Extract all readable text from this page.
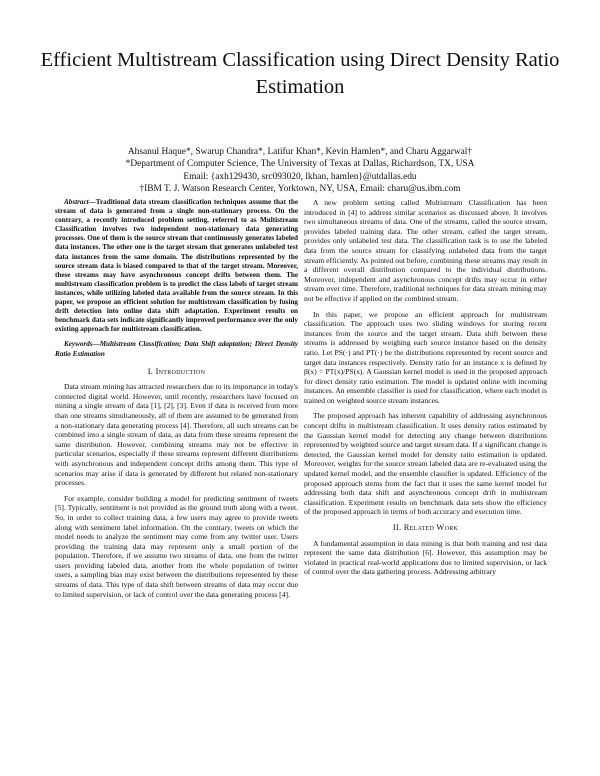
Efficient Multistream Classification using Direct Density Ratio Estimation
Ahsanul Haque*, Swarup Chandra*, Latifur Khan*, Kevin Hamlen*, and Charu Aggarwal†
*Department of Computer Science, The University of Texas at Dallas, Richardson, TX, USA
Email: {axh129430, src093020, lkhan, hamlen}@utdallas.edu
†IBM T. J. Watson Research Center, Yorktown, NY, USA, Email: charu@us.ibm.com
Abstract—Traditional data stream classification techniques assume that the stream of data is generated from a single non-stationary process. On the contrary, a recently introduced problem setting, referred to as Multistream Classification involves two independent non-stationary data generating processes. One of them is the source stream that continuously generates labeled data instances. The other one is the target stream that generates unlabeled test data instances from the same domain. The distributions represented by the source stream data is biased compared to that of the target stream. Moreover, these streams may have asynchronous concept drifts between them. The multistream classification problem is to predict the class labels of target stream instances, while utilizing labeled data available from the source stream. In this paper, we propose an efficient solution for multistream classification by fusing drift detection into online data shift adaptation. Experiment results on benchmark data sets indicate significantly improved performance over the only existing approach for multistream classification.
Keywords—Multistream Classification; Data Shift adaptation; Direct Density Ratio Estimation
I. Introduction

Data stream mining has attracted researchers due to its importance in today's connected digital world. However, until recently, researchers have focused on mining a single stream of data [1], [2], [3]. Even if data is received from more than one streams simultaneously, all of them are assumed to be generated from a non-stationary data generating process [4]. Therefore, all such streams can be combined into a single stream of data, as data from these streams represent the same distribution. However, combining streams may not be effective in particular scenarios, especially if these streams represent different distributions with asynchronous and independent concept drifts among them. This type of scenarios may arise if data is generated by different but related non-stationary processes.

For example, consider building a model for predicting sentiment of tweets [5]. Typically, sentiment is not provided as the ground truth along with a tweet. So, in order to collect training data, a few users may agree to provide tweets along with sentiment label information. On the contrary, tweets on which the model needs to analyze the sentiment may come from any twitter user. Users providing the training data may represent only a small portion of the population. Therefore, if we assume two streams of data, one from the twitter users providing labeled data, another from the whole population of twitter users, a sampling bias may exist between the distributions represented by these streams of data. This type of data shift between streams of data may occur due to limited supervision, or lack of control over the data generating process [4].

A new problem setting called Multistream Classification has been introduced in [4] to address similar scenarios as discussed above. It involves two simultaneous streams of data. One of the streams, called the source stream, provides labeled training data. The other stream, called the target stream, provides only unlabeled test data. The classification task is to use the labeled data from the source stream for classifying unlabeled data from the target stream efficiently. As pointed out before, combining these streams may result in a different overall distribution compared to the individual distributions. Moreover, independent and asynchronous concept drifts may occur in either stream over time. Therefore, traditional techniques for data stream mining may not be effective if applied on the combined stream.

In this paper, we propose an efficient approach for multistream classification. The approach uses two sliding windows for storing recent instances from the source and the target stream. Data shift between these streams is addressed by weighing each source instance based on the density ratio. Let PS(·) and PT(·) be the distributions represented by recent source and target data instances respectively. Density ratio for an instance x is defined by β(x) = PT(x)/PS(x). A Gaussian kernel model is used in the proposed approach for direct density ratio estimation. The model is updated online with incoming instances. An ensemble classifier is used for classification, where each model is trained on weighted source stream instances.

The proposed approach has inherent capability of addressing asynchronous concept drifts in multistream classification. It uses density ratios estimated by the Gaussian kernel model for detecting any change between distributions represented by weighted source and target stream data. If a significant change is detected, the Gaussian kernel model for density ratio estimation is updated. Moreover, weights for the source stream labeled data are re-evaluated using the updated kernel model, and the ensemble classifier is updated. Efficiency of the proposed approach stems from the fact that it uses the same kernel model for addressing both data shift and asynchronous concept drift in multistream classification. Experiment results on benchmark data sets show the efficiency of the proposed approach in terms of both accuracy and execution time.

II. Related Work

A fundamental assumption in data mining is that both training and test data represent the same data distribution [6]. However, this assumption may be violated in practical real-world applications due to limited supervision, or lack of control over the data gathering process. Addressing arbitrary
